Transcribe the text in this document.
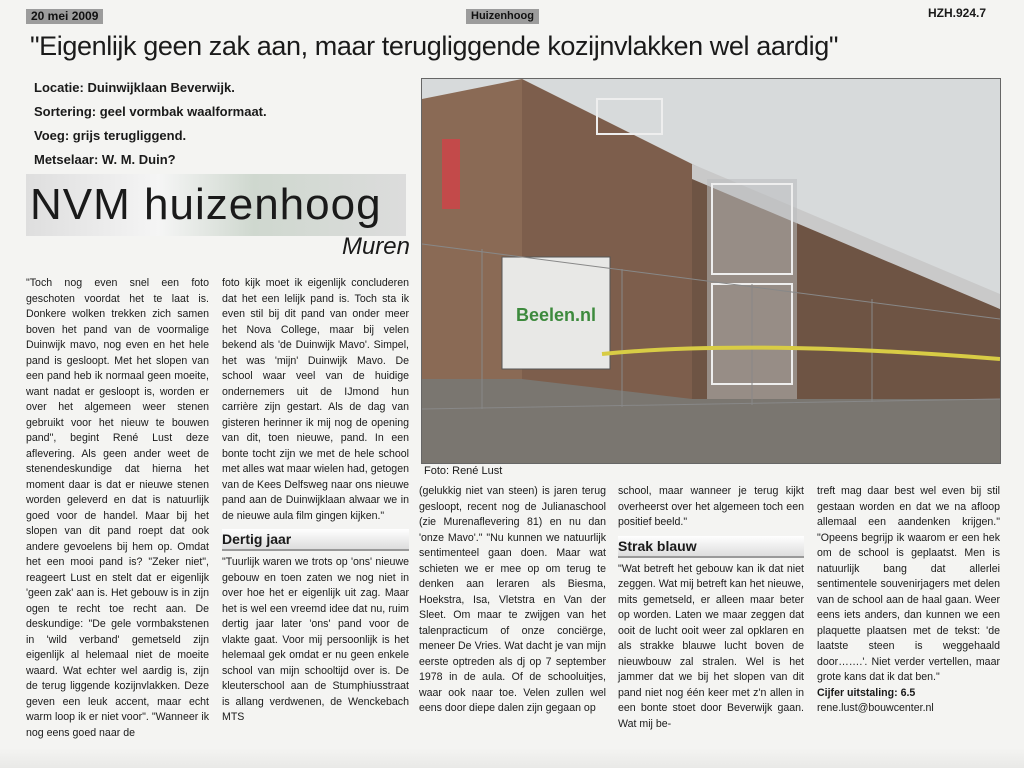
20 mei 2009	Huizenhoog	HZH.924.7
"Eigenlijk geen zak aan, maar terugliggende kozijnvlakken wel aardig"
Locatie: Duinwijklaan Beverwijk.
Sortering: geel vormbak waalformaat.
Voeg: grijs terugliggend.
Metselaar: W. M. Duin?
NVM huizenhoog
Muren
Beelen.nl
Foto: René Lust

"Toch nog even snel een foto geschoten voordat het te laat is. Donkere wolken trekken zich samen boven het pand van de voormalige Duinwijk mavo, nog even en het hele pand is gesloopt. Met het slopen van een pand heb ik normaal geen moeite, want nadat er gesloopt is, worden er over het algemeen weer stenen gebruikt voor het nieuw te bouwen pand", begint René Lust deze aflevering. Als geen ander weet de stenendeskundige dat hierna het moment daar is dat er nieuwe stenen worden geleverd en dat is natuurlijk goed voor de handel. Maar bij het slopen van dit pand roept dat ook andere gevoelens bij hem op. Omdat het een mooi pand is? "Zeker niet", reageert Lust en stelt dat er eigenlijk 'geen zak' aan is. Het gebouw is in zijn ogen te recht toe recht aan. De deskundige: "De gele vormbakstenen in 'wild verband' gemetseld zijn eigenlijk al helemaal niet de moeite waard. Wat echter wel aardig is, zijn de terug liggende kozijnvlakken. Deze geven een leuk accent, maar echt warm loop ik er niet voor". "Wanneer ik nog eens goed naar de

foto kijk moet ik eigenlijk concluderen dat het een lelijk pand is. Toch sta ik even stil bij dit pand van onder meer het Nova College, maar bij velen bekend als 'de Duinwijk Mavo'. Simpel, het was 'mijn' Duinwijk Mavo. De school waar veel van de huidige ondernemers uit de IJmond hun carrière zijn gestart. Als de dag van gisteren herinner ik mij nog de opening van dit, toen nieuwe, pand. In een bonte tocht zijn we met de hele school met alles wat maar wielen had, getogen van de Kees Delfsweg naar ons nieuwe pand aan de Duinwijklaan alwaar we in de nieuwe aula film gingen kijken."

Dertig jaar

"Tuurlijk waren we trots op 'ons' nieuwe gebouw en toen zaten we nog niet in over hoe het er eigenlijk uit zag. Maar het is wel een vreemd idee dat nu, ruim dertig jaar later 'ons' pand voor de vlakte gaat. Voor mij persoonlijk is het helemaal gek omdat er nu geen enkele school van mijn schooltijd over is. De kleuterschool aan de Stumphiusstraat is allang verdwenen, de Wenckebach MTS

(gelukkig niet van steen) is jaren terug gesloopt, recent nog de Julianaschool (zie Murenaflevering 81) en nu dan 'onze Mavo'." "Nu kunnen we natuurlijk sentimenteel gaan doen. Maar wat schieten we er mee op om terug te denken aan leraren als Biesma, Hoekstra, Isa, Vletstra en Van der Sleet. Om maar te zwijgen van het talenpracticum of onze conciërge, meneer De Vries. Wat dacht je van mijn eerste optreden als dj op 7 september 1978 in de aula. Of de schooluitjes, waar ook naar toe. Velen zullen wel eens door diepe dalen zijn gegaan op

school, maar wanneer je terug kijkt overheerst over het algemeen toch een positief beeld."

Strak blauw

"Wat betreft het gebouw kan ik dat niet zeggen. Wat mij betreft kan het nieuwe, mits gemetseld, er alleen maar beter op worden. Laten we maar zeggen dat ooit de lucht ooit weer zal opklaren en als strakke blauwe lucht boven de nieuwbouw zal stralen. Wel is het jammer dat we bij het slopen van dit pand niet nog één keer met z'n allen in een bonte stoet door Beverwijk gaan. Wat mij be-

treft mag daar best wel even bij stil gestaan worden en dat we na afloop allemaal een aandenken krijgen." "Opeens begrijp ik waarom er een hek om de school is geplaatst. Men is natuurlijk bang dat allerlei sentimentele souvenirjagers met delen van de school aan de haal gaan. Weer eens iets anders, dan kunnen we een plaquette plaatsen met de tekst: 'de laatste steen is weggehaald door…….'. Niet verder vertellen, maar grote kans dat ik dat ben."

Cijfer uitstaling: 6.5

rene.lust@bouwcenter.nl
